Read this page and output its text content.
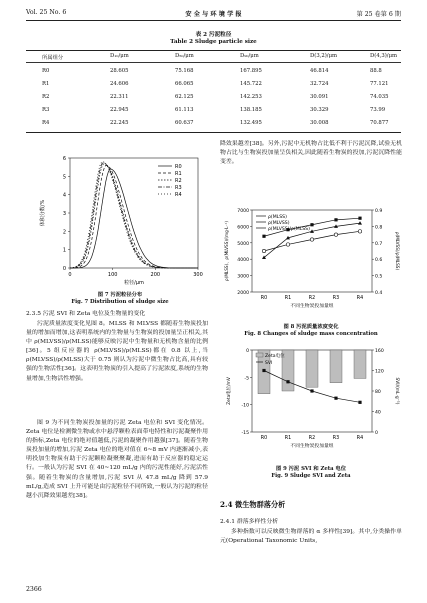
Vol. 25 No. 6	安 全 与 环 境 学 报	第 25 卷第 6 期
表 2 污泥粒径
Table 2 Sludge particle size
所属组分	D₁₀/μm	D₅₀/μm	D₉₀/μm	D(3,2)/μm	D(4,3)/μm
R0	28.605	75.168	167.895	46.814	88.8
R1	24.606	66.065	145.722	32.724	77.121
R2	22.311	62.125	142.253	30.091	74.035
R3	22.945	61.113	138.185	30.329	73.99
R4	22.245	60.637	132.495	30.008	70.877
0
1
2
3
4
5
6
0	100	200	300
粒径/μm
体积分数/%
R0
R1
R2
R3
R4
图 7 污泥粒径分布
Fig. 7 Distribution of sludge size
2.3.5 污泥 SVI 和 Zeta 电位及生物量的变化
污泥质量浓度变化见图 8。MLSS 和 MLVSS 都随着生物炭投加量的增加而增加,这表明系统内的生物量与生物炭的投加量呈正相关,其中 ρ(MLVSS)/ρ(MLSS)能够反映污泥中生物量和无机物含量的比例[36]。5 组反应器的 ρ(MLVSS)/ρ(MLSS)都在 0.8 以上,当 ρ(MLVSS)/ρ(MLSS)大于 0.75 则认为污泥中微生物占比高,具有较强的生物活性[36]。这表明生物炭的引入提高了污泥浓度,系统的生物量增加,生物活性增强。
图 9 为不同生物炭投加量的污泥 Zeta 电位和 SVI 变化情况。Zeta 电位是检测微生物或水中悬浮颗粒表面带电特性和污泥凝聚作用的指标,Zeta 电位的绝对值越低,污泥的凝聚作用越强[37]。随着生物炭投加量的增加,污泥 Zeta 电位的绝对值在 6~8 mV 内逐渐减小,表明投加生物炭有助于污泥颗粒凝聚聚凝,进而有助于反应器的稳定运行。一般认为污泥 SVI 在 40~120 mL/g 内的污泥性能好,污泥活性强。随着生物炭的含量增加,污泥 SVI 从 47.8 mL/g 降到 57.9 mL/g,造成 SVI 上升可能是由污泥粒径不同所致,一般认为污泥的粒径越小沉降效果越差[38]。
2366
降效果越差[38]。另外,污泥中无机物占比低不利于污泥沉降,试验无机物占比与生物炭投加量呈负相关,因此随着生物炭的投加,污泥沉降性能变差。
2000
3000
4000
5000
6000
7000
0.4
0.5
0.6
0.7
0.8
0.9
R0	R1	R2	R3	R4
不同生物炭投加量组
ρ(MLSS)、ρ(MLVSS)/(mg·L⁻¹)	ρ(MLVSS)/ρ(MLSS)
ρ(MLSS)
ρ(MLVSS)
ρ(MLVSS)/ρ(MLSS)
图 8 污泥质量浓度变化
Fig. 8 Changes of sludge mass concentration
-15
-10
-5
0
0
40
80
120
160
R0	R1	R2	R3	R4
不同生物炭投加量组
Zeta电位/mV	SVI/(mL·g⁻¹)
Zeta电位
SVI
图 9 污泥 SVI 和 Zeta 电位
Fig. 9 Sludge SVI and Zeta
2.4 微生物群落分析
2.4.1 群落多样性分析
多种指数可以反映微生物群落的 α 多样性[39]。其中,分类操作单元(Operational Taxonomic Units,
